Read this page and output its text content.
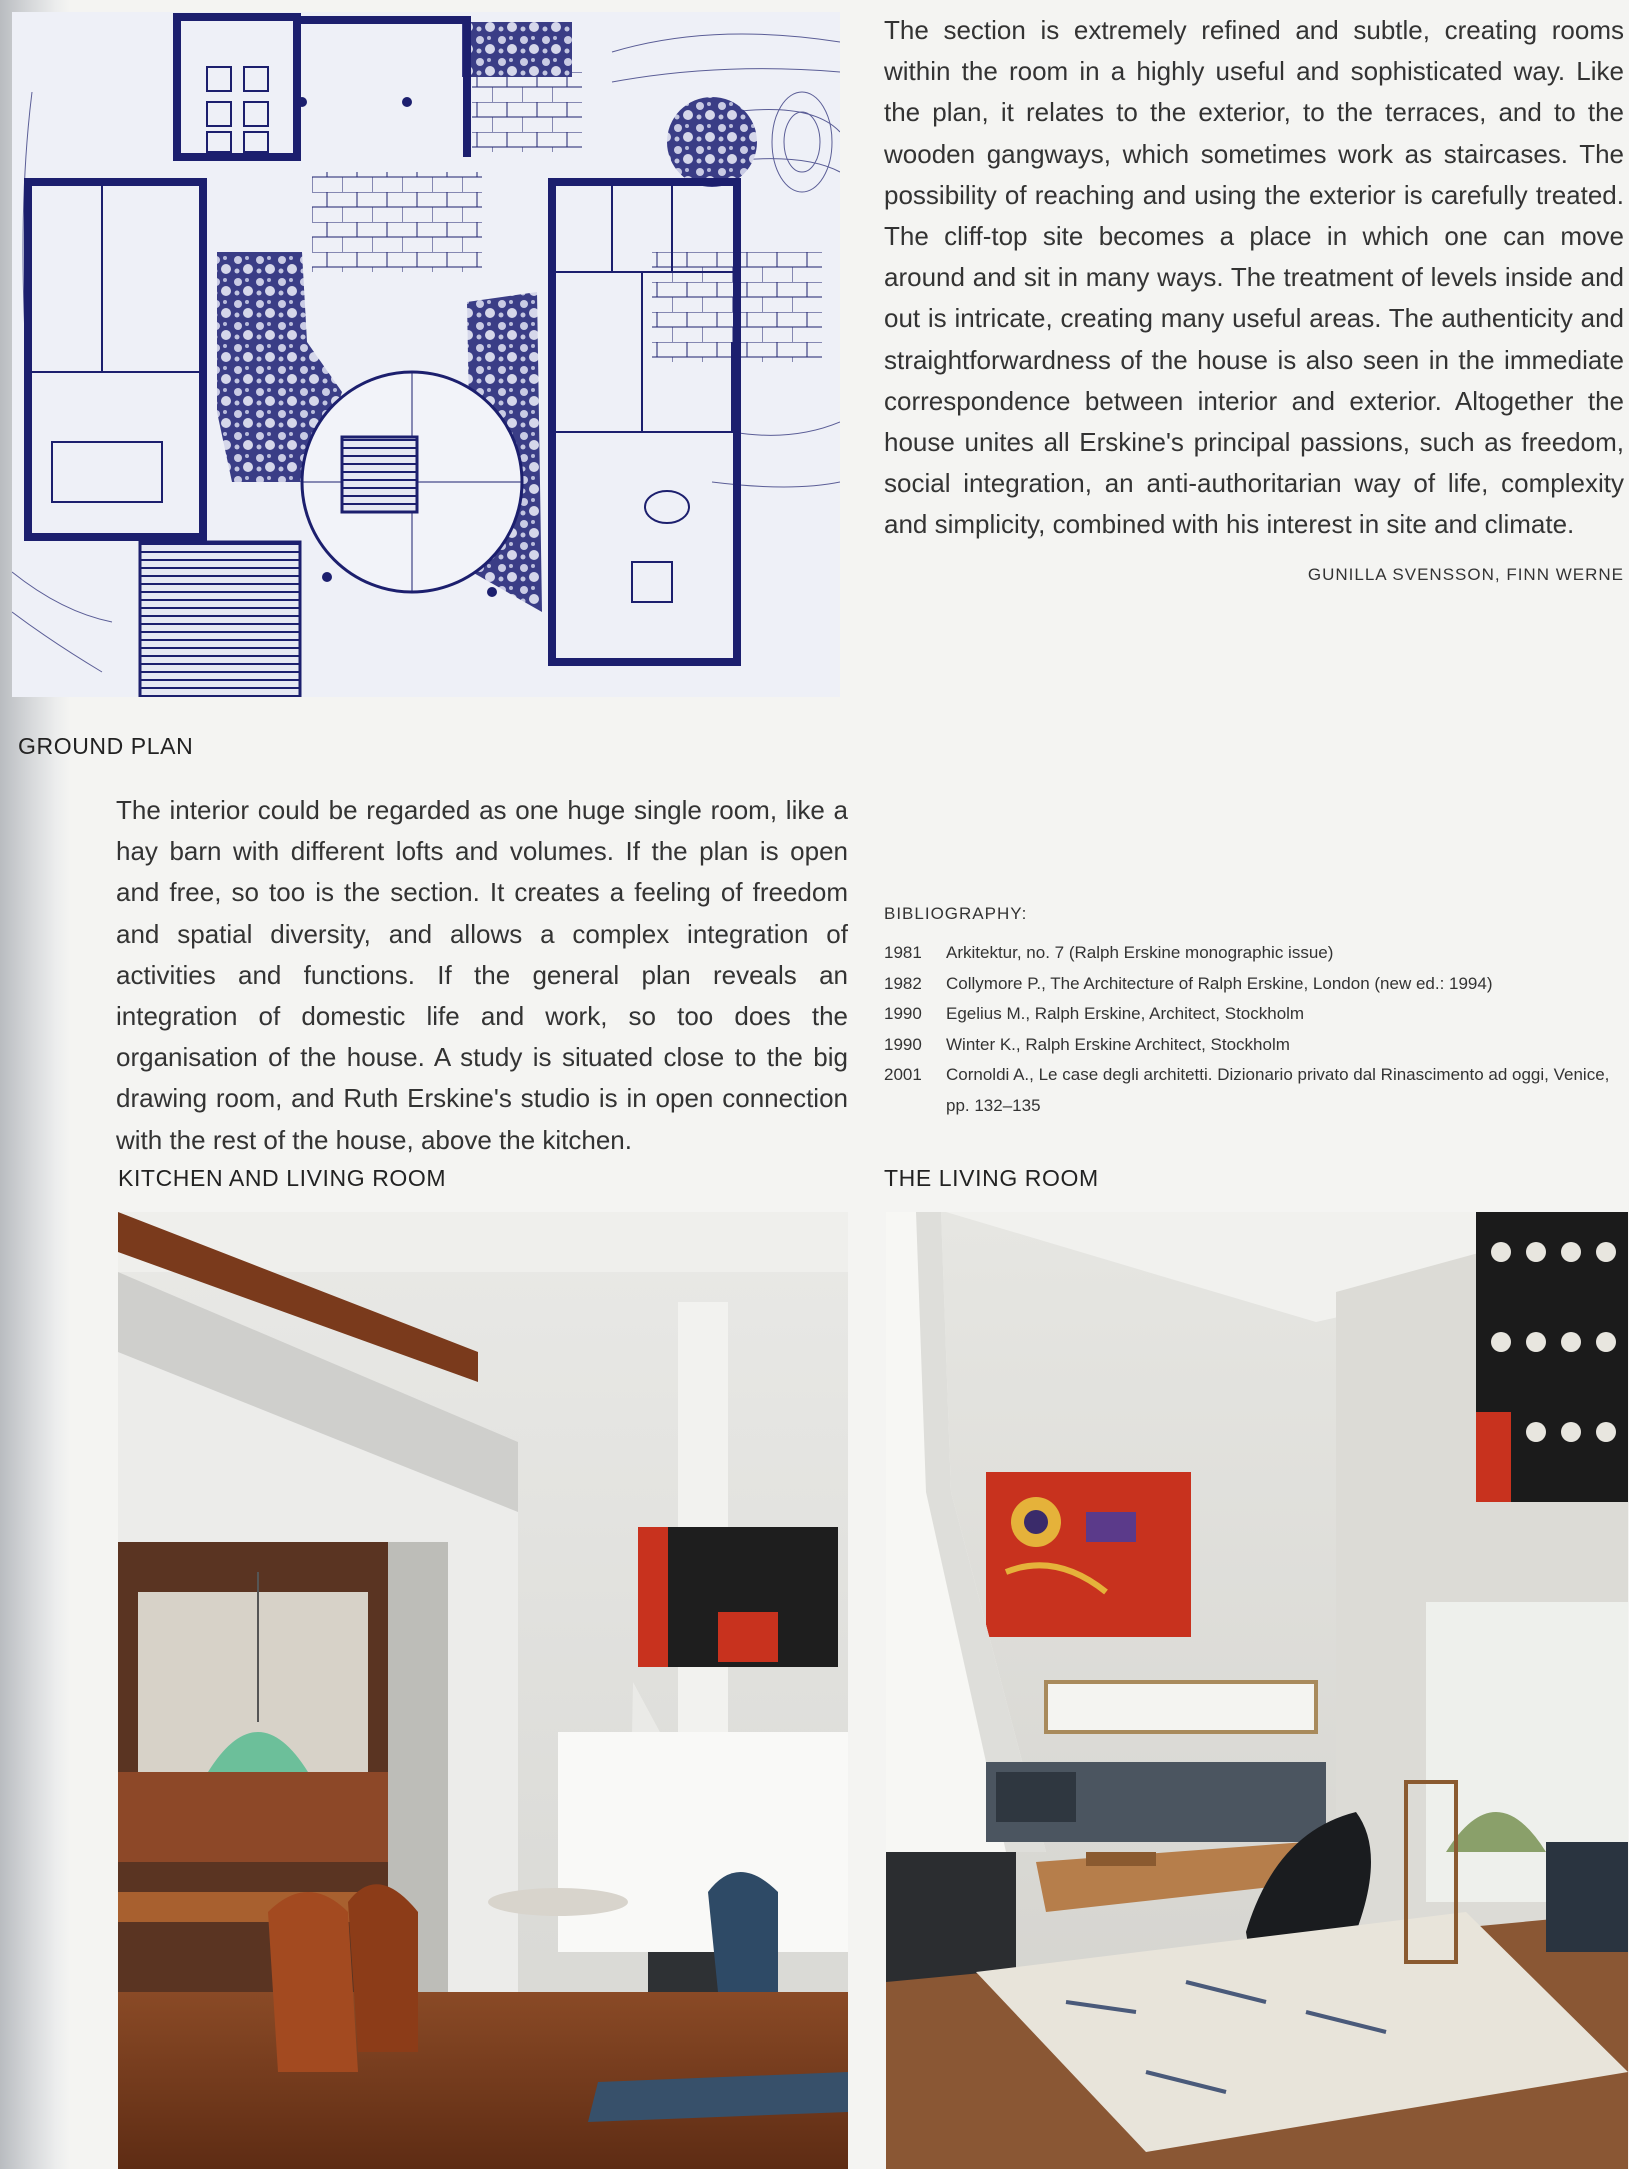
The section is extremely refined and subtle, creating rooms within the room in a highly useful and sophisticated way. Like the plan, it relates to the exterior, to the terraces, and to the wooden gangways, which sometimes work as staircases. The possibility of reaching and using the exterior is carefully treated. The cliff-top site becomes a place in which one can move around and sit in many ways. The treatment of levels inside and out is intricate, creating many useful areas. The authenticity and straightforwardness of the house is also seen in the immediate correspondence between interior and exterior. Altogether the house unites all Erskine's principal passions, such as freedom, social integration, an anti-authoritarian way of life, complexity and simplicity, combined with his interest in site and climate.
GUNILLA SVENSSON, FINN WERNE
GROUND PLAN
The interior could be regarded as one huge single room, like a hay barn with different lofts and volumes. If the plan is open and free, so too is the section. It creates a feeling of freedom and spatial diversity, and allows a complex integration of activities and functions. If the general plan reveals an integration of domestic life and work, so too does the organisation of the house. A study is situated close to the big drawing room, and Ruth Erskine's studio is in open connection with the rest of the house, above the kitchen.
BIBLIOGRAPHY:
1981	Arkitektur, no. 7 (Ralph Erskine monographic issue)
1982	Collymore P., The Architecture of Ralph Erskine, London (new ed.: 1994)
1990	Egelius M., Ralph Erskine, Architect, Stockholm
1990	Winter K., Ralph Erskine Architect, Stockholm
2001	Cornoldi A., Le case degli architetti. Dizionario privato dal Rinascimento ad oggi, Venice, pp. 132–135
KITCHEN AND LIVING ROOM	THE LIVING ROOM
